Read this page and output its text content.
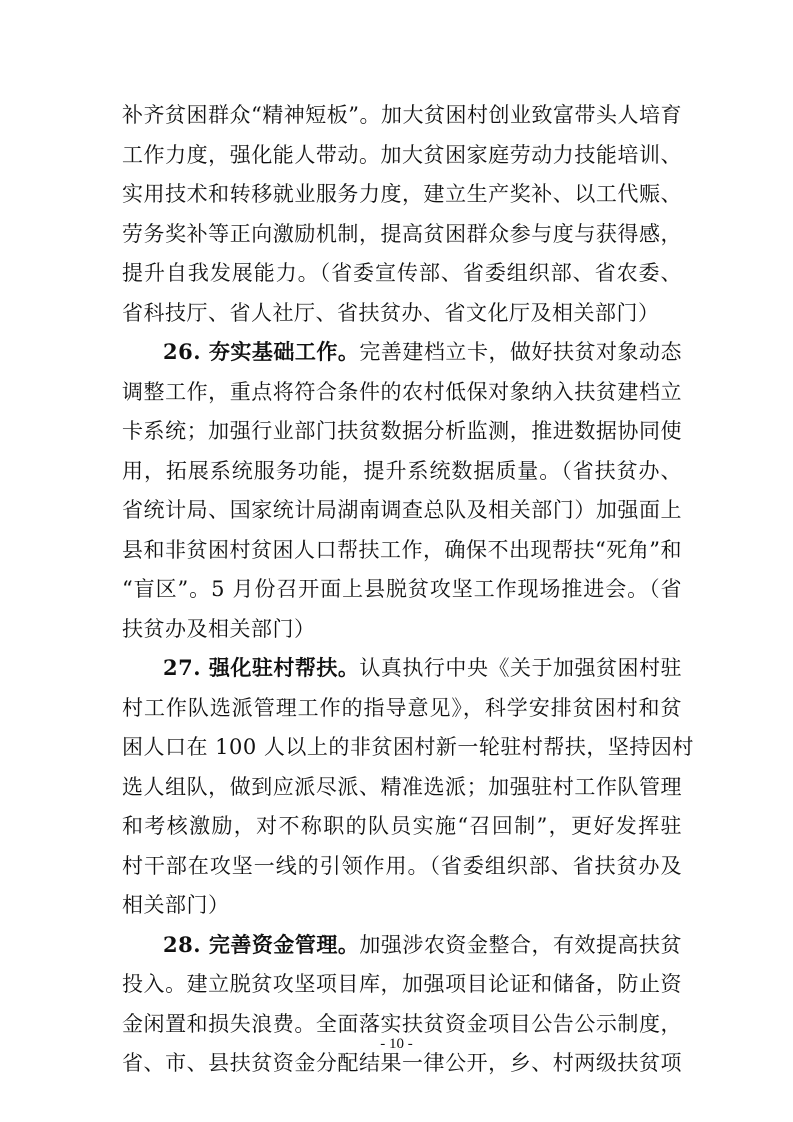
补齐贫困群众“精神短板”。加大贫困村创业致富带头人培育
工作力度，强化能人带动。加大贫困家庭劳动力技能培训、
实用技术和转移就业服务力度，建立生产奖补、以工代赈、
劳务奖补等正向激励机制，提高贫困群众参与度与获得感，
提升自我发展能力。（省委宣传部、省委组织部、省农委、
省科技厅、省人社厅、省扶贫办、省文化厅及相关部门）
26. 夯实基础工作。完善建档立卡，做好扶贫对象动态
调整工作，重点将符合条件的农村低保对象纳入扶贫建档立
卡系统；加强行业部门扶贫数据分析监测，推进数据协同使
用，拓展系统服务功能，提升系统数据质量。（省扶贫办、
省统计局、国家统计局湖南调查总队及相关部门）加强面上
县和非贫困村贫困人口帮扶工作，确保不出现帮扶“死角”和
“盲区”。5 月份召开面上县脱贫攻坚工作现场推进会。（省
扶贫办及相关部门）
27. 强化驻村帮扶。认真执行中央《关于加强贫困村驻
村工作队选派管理工作的指导意见》，科学安排贫困村和贫
困人口在 100 人以上的非贫困村新一轮驻村帮扶，坚持因村
选人组队，做到应派尽派、精准选派；加强驻村工作队管理
和考核激励，对不称职的队员实施“召回制”，更好发挥驻
村干部在攻坚一线的引领作用。（省委组织部、省扶贫办及
相关部门）
28. 完善资金管理。加强涉农资金整合，有效提高扶贫
投入。建立脱贫攻坚项目库，加强项目论证和储备，防止资
金闲置和损失浪费。全面落实扶贫资金项目公告公示制度，
省、市、县扶贫资金分配结果一律公开，乡、村两级扶贫项
- 10 -
